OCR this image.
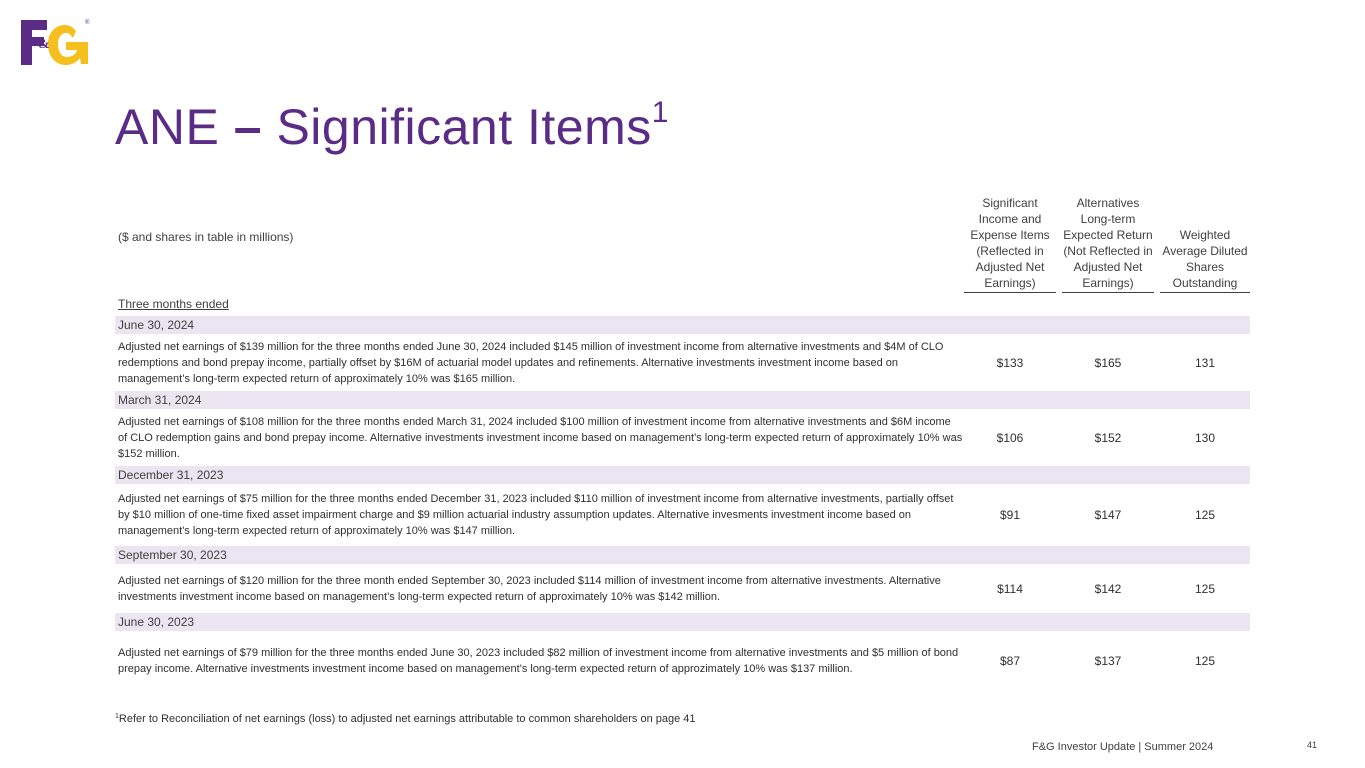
&
®
ANE – Significant Items$^1$
($ and shares in table in millions)
Significant Income and Expense Items (Reflected in Adjusted Net Earnings)
Alternatives Long-term Expected Return (Not Reflected in Adjusted Net Earnings)
Weighted Average Diluted Shares Outstanding
Three months ended
June 30, 2024
Adjusted net earnings of $139 million for the three months ended June 30, 2024 included $145 million of investment income from alternative investments and $4M of CLO redemptions and bond prepay income, partially offset by $16M of actuarial model updates and refinements. Alternative investments investment income based on management’s long-term expected return of approximately 10% was $165 million.
$133	$165	131
March 31, 2024
Adjusted net earnings of $108 million for the three months ended March 31, 2024 included $100 million of investment income from alternative investments and $6M income of CLO redemption gains and bond prepay income. Alternative investments investment income based on management’s long-term expected return of approximately 10% was $152 million.
$106	$152	130
December 31, 2023
Adjusted net earnings of $75 million for the three months ended December 31, 2023 included $110 million of investment income from alternative investments, partially offset by $10 million of one-time fixed asset impairment charge and $9 million actuarial industry assumption updates. Alternative invesments investment income based on management's long-term expected return of approximately 10% was $147 million.
$91	$147	125
September 30, 2023
Adjusted net earnings of $120 million for the three month ended September 30, 2023 included $114 million of investment income from alternative investments. Alternative investments investment income based on management’s long-term expected return of approximately 10% was $142 million.
$114	$142	125
June 30, 2023
Adjusted net earnings of $79 million for the three months ended June 30, 2023 included $82 million of investment income from alternative investments and $5 million of bond prepay income. Alternative investments investment income based on management's long-term expected return of approzimately 10% was $137 million.
$87	$137	125
$^1$Refer to Reconciliation of net earnings (loss) to adjusted net earnings attributable to common shareholders on page 41
F&G Investor Update | Summer 2024	41
